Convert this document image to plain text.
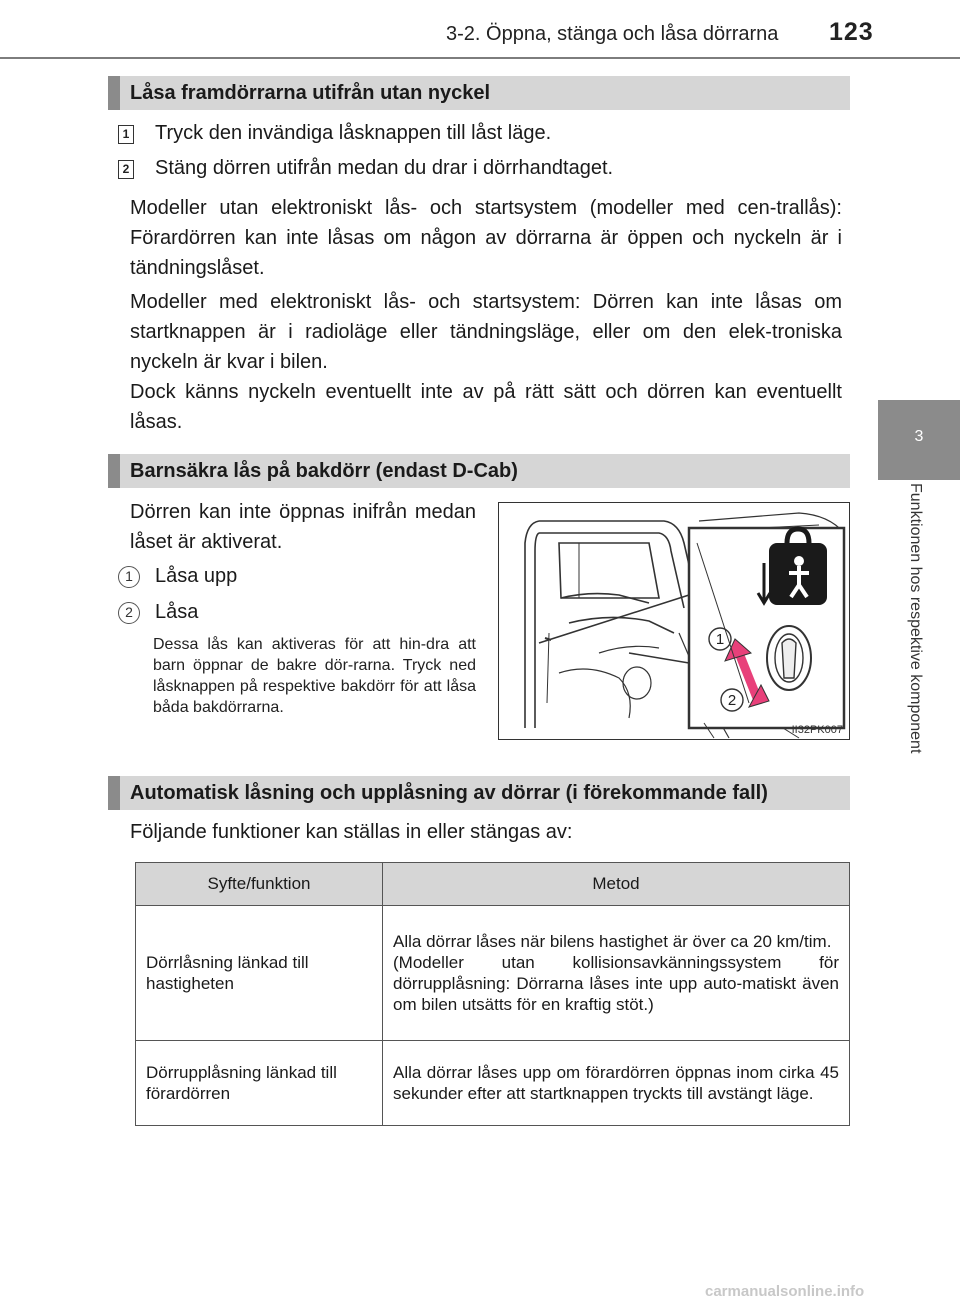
3-2. Öppna, stänga och låsa dörrarna 123
3
Funktionen hos respektive komponent
Låsa framdörrarna utifrån utan nyckel
1 Tryck den invändiga låsknappen till låst läge.
2 Stäng dörren utifrån medan du drar i dörrhandtaget.
Modeller utan elektroniskt lås- och startsystem (modeller med cen-trallås): Förardörren kan inte låsas om någon av dörrarna är öppen och nyckeln är i tändningslåset.
Modeller med elektroniskt lås- och startsystem: Dörren kan inte låsas om startknappen är i radioläge eller tändningsläge, eller om den elek-troniska nyckeln är kvar i bilen.
Dock känns nyckeln eventuellt inte av på rätt sätt och dörren kan eventuellt låsas.
Barnsäkra lås på bakdörr (endast D-Cab)
Dörren kan inte öppnas inifrån medan låset är aktiverat.
1	Låsa upp
2	Låsa
Dessa lås kan aktiveras för att hin-dra att barn öppnar de bakre dör-rarna. Tryck ned låsknappen på respektive bakdörr för att låsa båda bakdörrarna.
1
2
II32PK007
Automatisk låsning och upplåsning av dörrar (i förekommande fall)
Följande funktioner kan ställas in eller stängas av:
Syfte/funktion	Metod
Dörrlåsning länkad till hastigheten	Alla dörrar låses när bilens hastighet är över ca 20 km/tim.
(Modeller utan kollisionsavkänningssystem för dörrupplåsning: Dörrarna låses inte upp auto-matiskt även om bilen utsätts för en kraftig stöt.)
Dörrupplåsning länkad till förardörren	Alla dörrar låses upp om förardörren öppnas inom cirka 45 sekunder efter att startknappen tryckts till avstängt läge.
carmanualsonline.info
